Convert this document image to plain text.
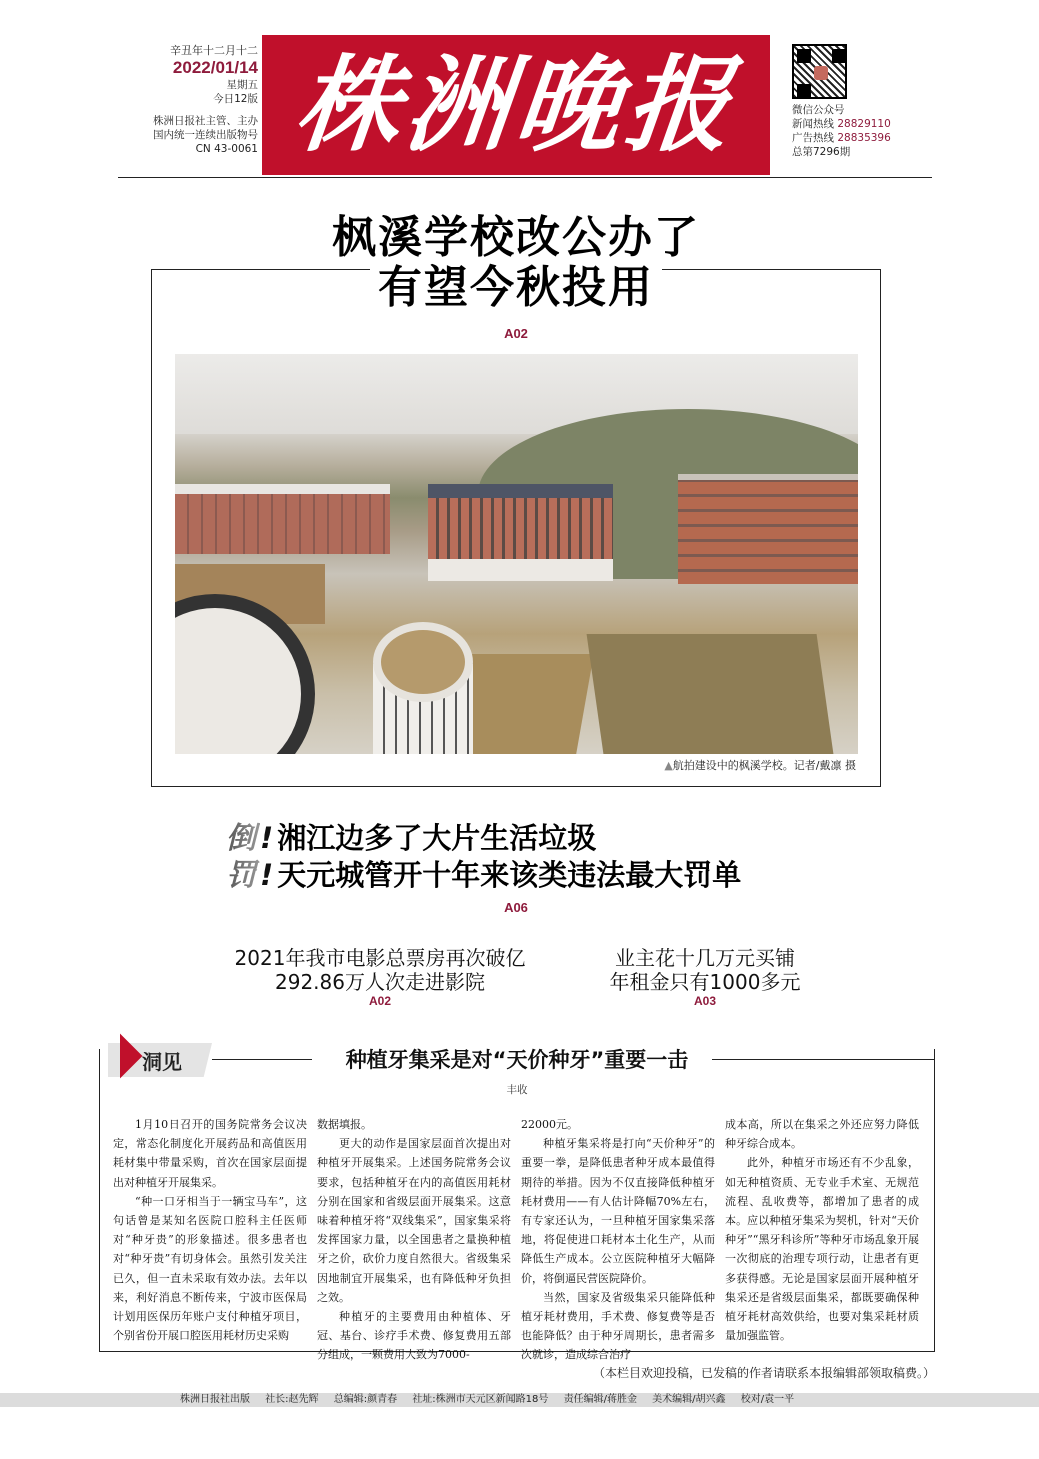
辛丑年十二月十二
2022/01/14
星期五
今日12版
株洲日报社主管、主办
国内统一连续出版物号
CN 43-0061 株洲晚报	微信公众号
新闻热线 28829110
广告热线 28835396
总第7296期
枫溪学校改公办了
有望今秋投用
A02
▲航拍建设中的枫溪学校。记者/戴凛 摄
倒 ! 湘江边多了大片生活垃圾
罚 ! 天元城管开十年来该类违法最大罚单
A06
2021年我市电影总票房再次破亿
292.86万人次走进影院
A02
业主花十几万元买铺
年租金只有1000多元
A03
洞见	种植牙集采是对“天价种牙”重要一击
丰收

1月10日召开的国务院常务会议决定，常态化制度化开展药品和高值医用耗材集中带量采购，首次在国家层面提出对种植牙开展集采。

“种一口牙相当于一辆宝马车”，这句话曾是某知名医院口腔科主任医师对“种牙贵”的形象描述。很多患者也对“种牙贵”有切身体会。虽然引发关注已久，但一直未采取有效办法。去年以来，利好消息不断传来，宁波市医保局计划用医保历年账户支付种植牙项目，个别省份开展口腔医用耗材历史采购

数据填报。

更大的动作是国家层面首次提出对种植牙开展集采。上述国务院常务会议要求，包括种植牙在内的高值医用耗材分别在国家和省级层面开展集采。这意味着种植牙将“双线集采”，国家集采将发挥国家力量，以全国患者之量换种植牙之价，砍价力度自然很大。省级集采因地制宜开展集采，也有降低种牙负担之效。

种植牙的主要费用由种植体、牙冠、基台、诊疗手术费、修复费用五部分组成，一颗费用大致为7000-

22000元。

种植牙集采将是打向“天价种牙”的重要一拳，是降低患者种牙成本最值得期待的举措。因为不仅直接降低种植牙耗材费用——有人估计降幅70%左右，有专家还认为，一旦种植牙国家集采落地，将促使进口耗材本土化生产，从而降低生产成本。公立医院种植牙大幅降价，将倒逼民营医院降价。

当然，国家及省级集采只能降低种植牙耗材费用，手术费、修复费等是否也能降低？由于种牙周期长，患者需多次就诊，造成综合治疗

成本高，所以在集采之外还应努力降低种牙综合成本。

此外，种植牙市场还有不少乱象，如无种植资质、无专业手术室、无规范流程、乱收费等，都增加了患者的成本。应以种植牙集采为契机，针对“天价种牙”“黑牙科诊所”等种牙市场乱象开展一次彻底的治理专项行动，让患者有更多获得感。无论是国家层面开展种植牙集采还是省级层面集采，都既要确保种植牙耗材高效供给，也要对集采耗材质量加强监管。

（本栏目欢迎投稿，已发稿的作者请联系本报编辑部领取稿费。）
株洲日报社出版 社长:赵先辉 总编辑:颜青春 社址:株洲市天元区新闻路18号 责任编辑/蒋胜金 美术编辑/胡兴鑫 校对/袁一平
